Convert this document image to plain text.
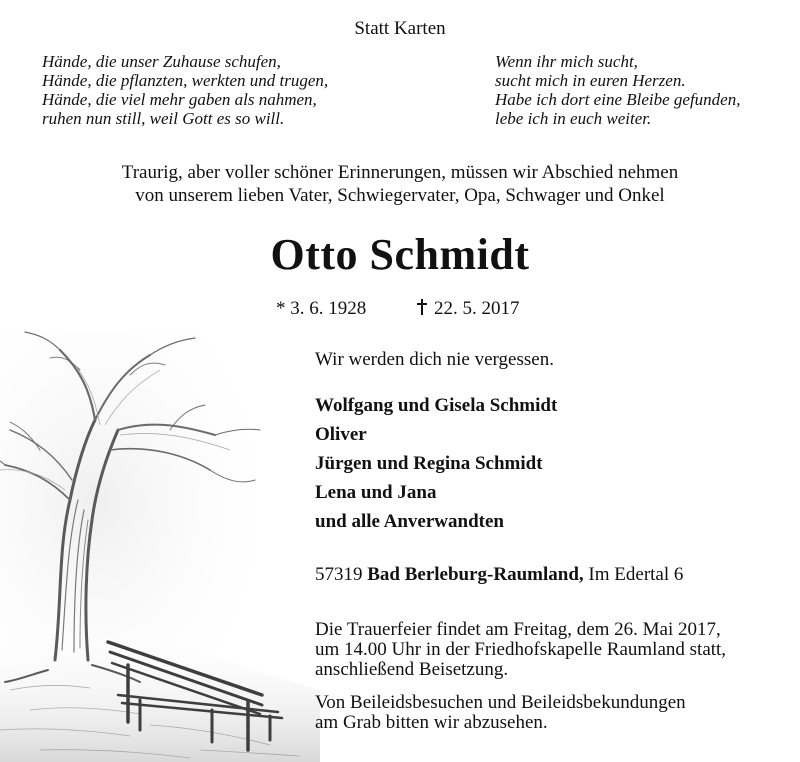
Statt Karten
Hände, die unser Zuhause schufen,
Hände, die pflanzten, werkten und trugen,
Hände, die viel mehr gaben als nahmen,
ruhen nun still, weil Gott es so will.
Wenn ihr mich sucht,
sucht mich in euren Herzen.
Habe ich dort eine Bleibe gefunden,
lebe ich in euch weiter.
Traurig, aber voller schöner Erinnerungen, müssen wir Abschied nehmen
von unserem lieben Vater, Schwiegervater, Opa, Schwager und Onkel
Otto Schmidt
* 3. 6. 1928	22. 5. 2017
Wir werden dich nie vergessen.
Wolfgang und Gisela Schmidt
Oliver
Jürgen und Regina Schmidt
Lena und Jana
und alle Anverwandten
57319 Bad Berleburg-Raumland, Im Edertal 6
Die Trauerfeier findet am Freitag, dem 26. Mai 2017,
um 14.00 Uhr in der Friedhofskapelle Raumland statt,
anschließend Beisetzung.
Von Beileidsbesuchen und Beileidsbekundungen
am Grab bitten wir abzusehen.
